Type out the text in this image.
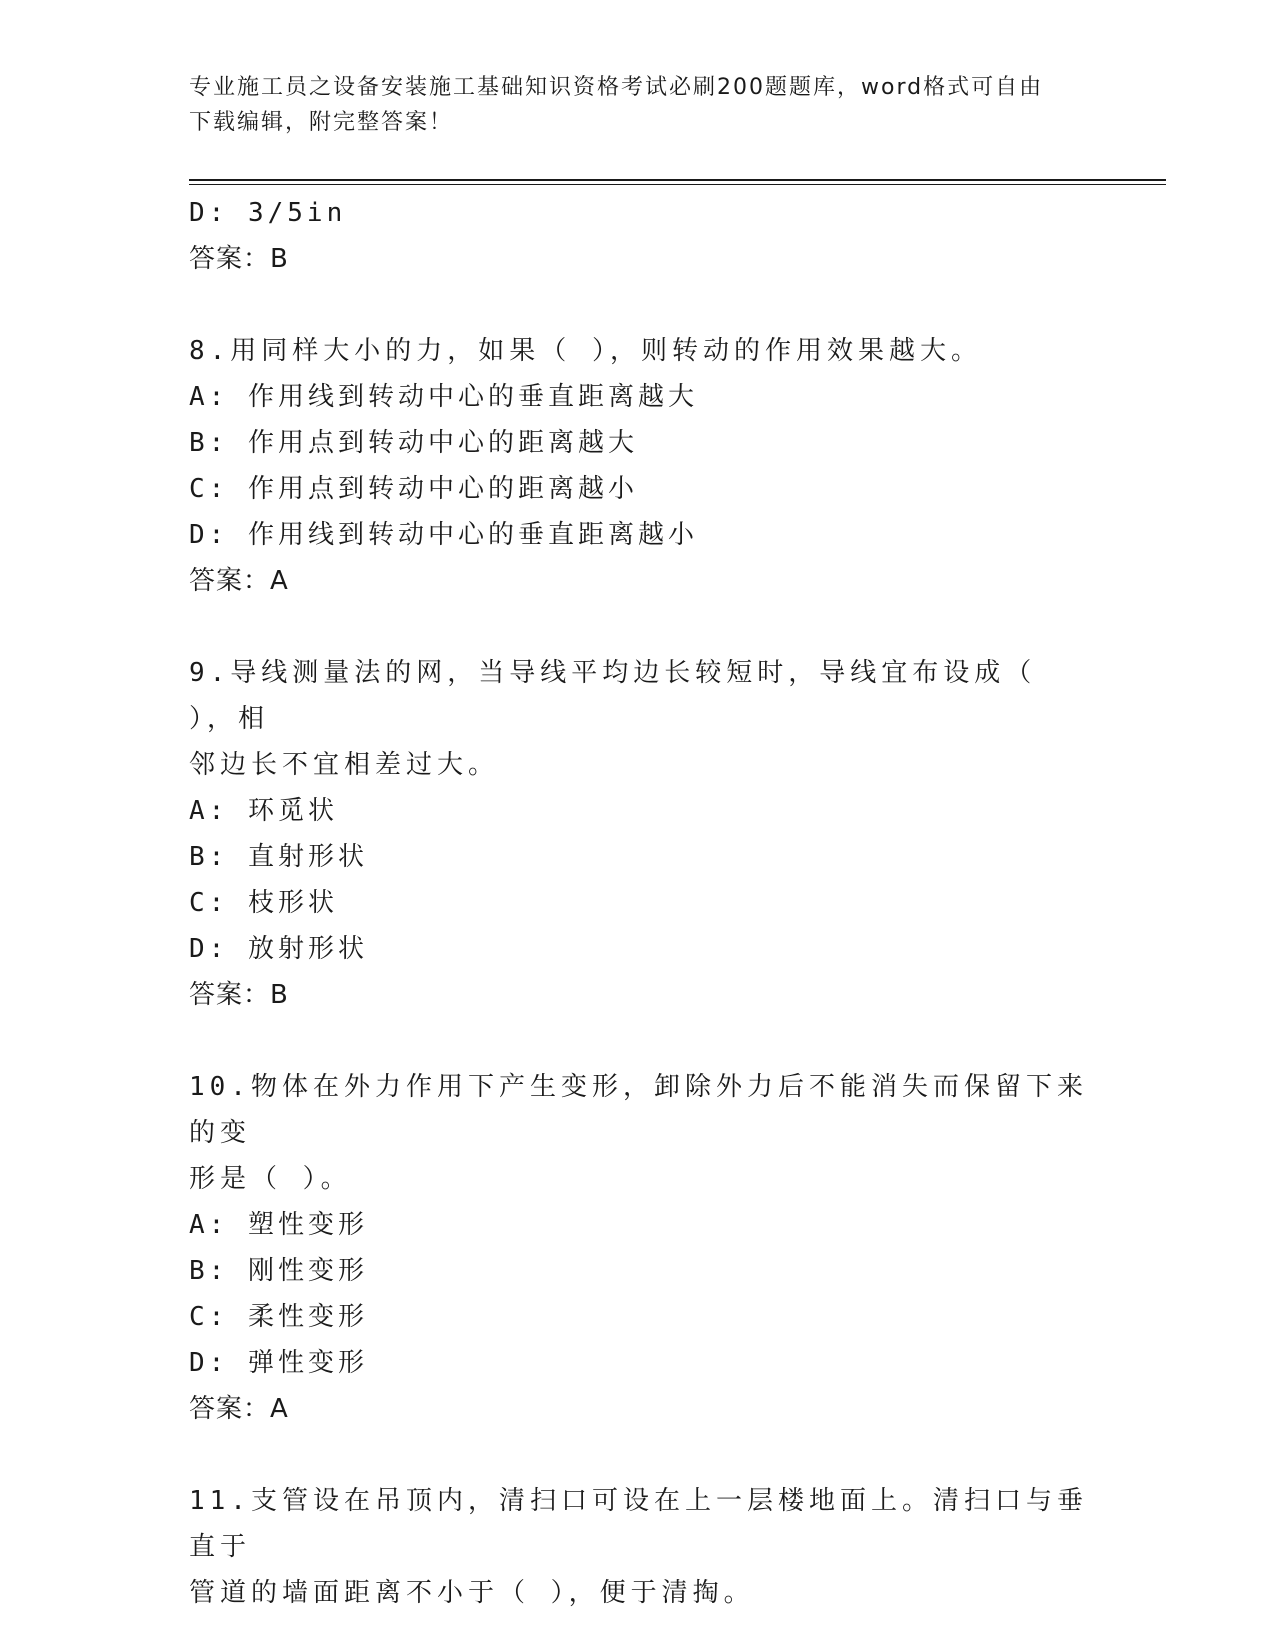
专业施工员之设备安装施工基础知识资格考试必刷200题题库，word格式可自由
下载编辑，附完整答案！
D: 3/5in
答案：B
8.用同样大小的力，如果（ ），则转动的作用效果越大。
A: 作用线到转动中心的垂直距离越大
B: 作用点到转动中心的距离越大
C: 作用点到转动中心的距离越小
D: 作用线到转动中心的垂直距离越小
答案：A
9.导线测量法的网，当导线平均边长较短时，导线宜布设成（ ），相
邻边长不宜相差过大。
A: 环觅状
B: 直射形状
C: 枝形状
D: 放射形状
答案：B
10.物体在外力作用下产生变形，卸除外力后不能消失而保留下来的变
形是（ ）。
A: 塑性变形
B: 刚性变形
C: 柔性变形
D: 弹性变形
答案：A
11.支管设在吊顶内，清扫口可设在上一层楼地面上。清扫口与垂直于
管道的墙面距离不小于（ ），便于清掏。
